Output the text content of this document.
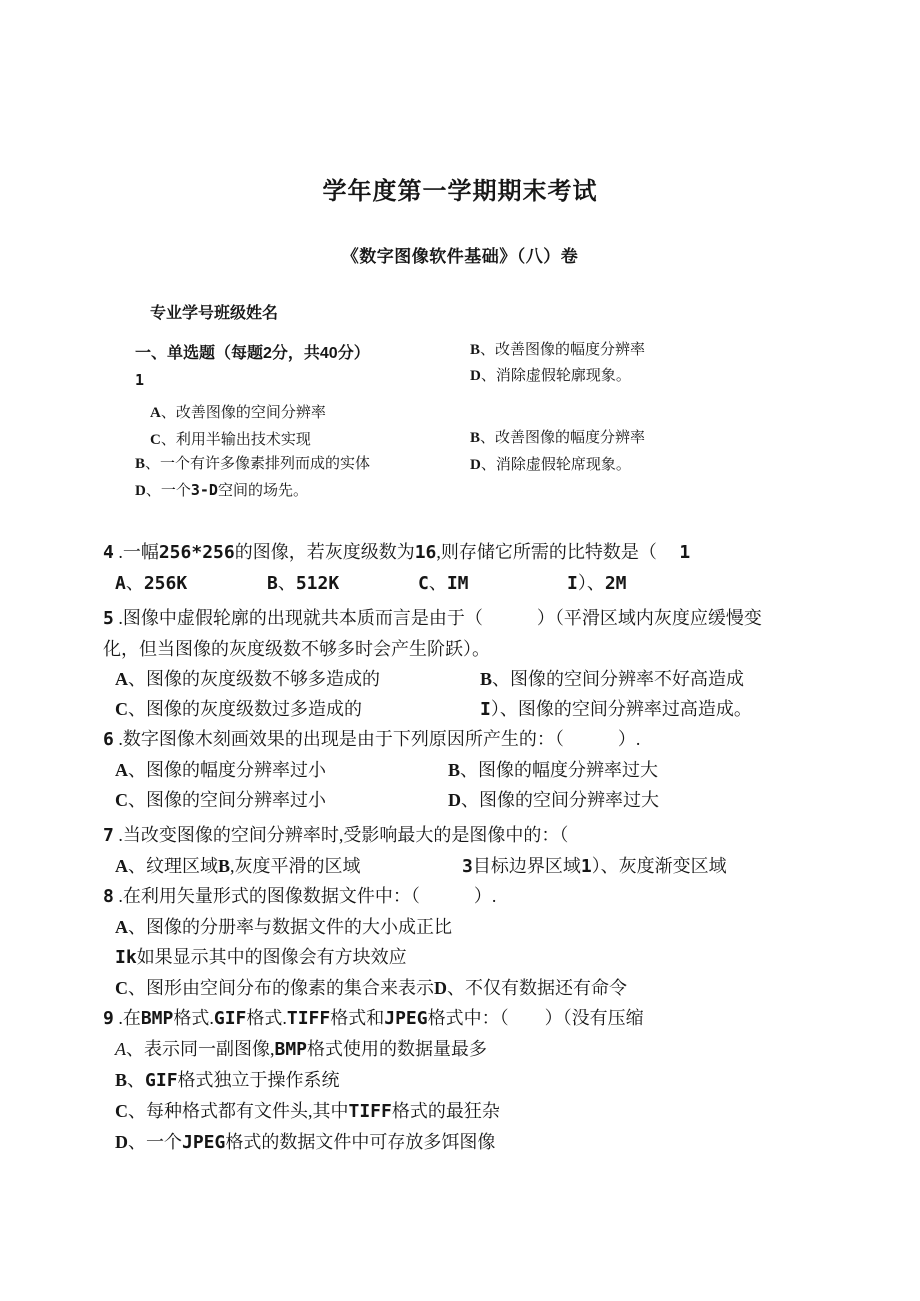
学年度第一学期期末考试
《数字图像软件基础》（八）卷
专业学号班级姓名
一、单选题（每题2分，共40分）
1
A、改善图像的空间分辨率
C、利用半输出技术实现
B、一个有许多像素排列而成的实体
D、一个3-D空间的场先。
B、改善图像的幅度分辨率
D、消除虚假轮廓现象。
B、改善图像的幅度分辨率
D、消除虚假轮席现象。
4 .一幅256*256的图像，若灰度级数为16,则存储它所需的比特数是（　 1
A、256K	B、512K	C、IM	I）、2M
5 .图像中虚假轮廓的出现就共本质而言是由于（　　　）（平滑区域内灰度应缓慢变
化，但当图像的灰度级数不够多时会产生阶跃）。
A、图像的灰度级数不够多造成的	B、图像的空间分辨率不好高造成
C、图像的灰度级数过多造成的	I）、图像的空间分辨率过高造成。
6 .数字图像木刻画效果的出现是由于下列原因所产生的：（　　　）.
A、图像的幅度分辨率过小	B、图像的幅度分辨率过大
C、图像的空间分辨率过小	D、图像的空间分辨率过大
7 .当改变图像的空间分辨率时,受影响最大的是图像中的：（
A、纹理区域B,灰度平滑的区域	3目标边界区域1）、灰度渐变区域
8 .在利用矢量形式的图像数据文件中：（　　　）.
A、图像的分册率与数据文件的大小成正比
Ik如果显示其中的图像会有方块效应
C、图形由空间分布的像素的集合来表示D、不仅有数据还有命令
9 .在BMP格式.GIF格式.TIFF格式和JPEG格式中：（　　）（没有压缩
A、表示同一副图像,BMP格式使用的数据量最多
B、GIF格式独立于操作系统
C、每种格式都有文件头,其中TIFF格式的最狂杂
D、一个JPEG格式的数据文件中可存放多饵图像
